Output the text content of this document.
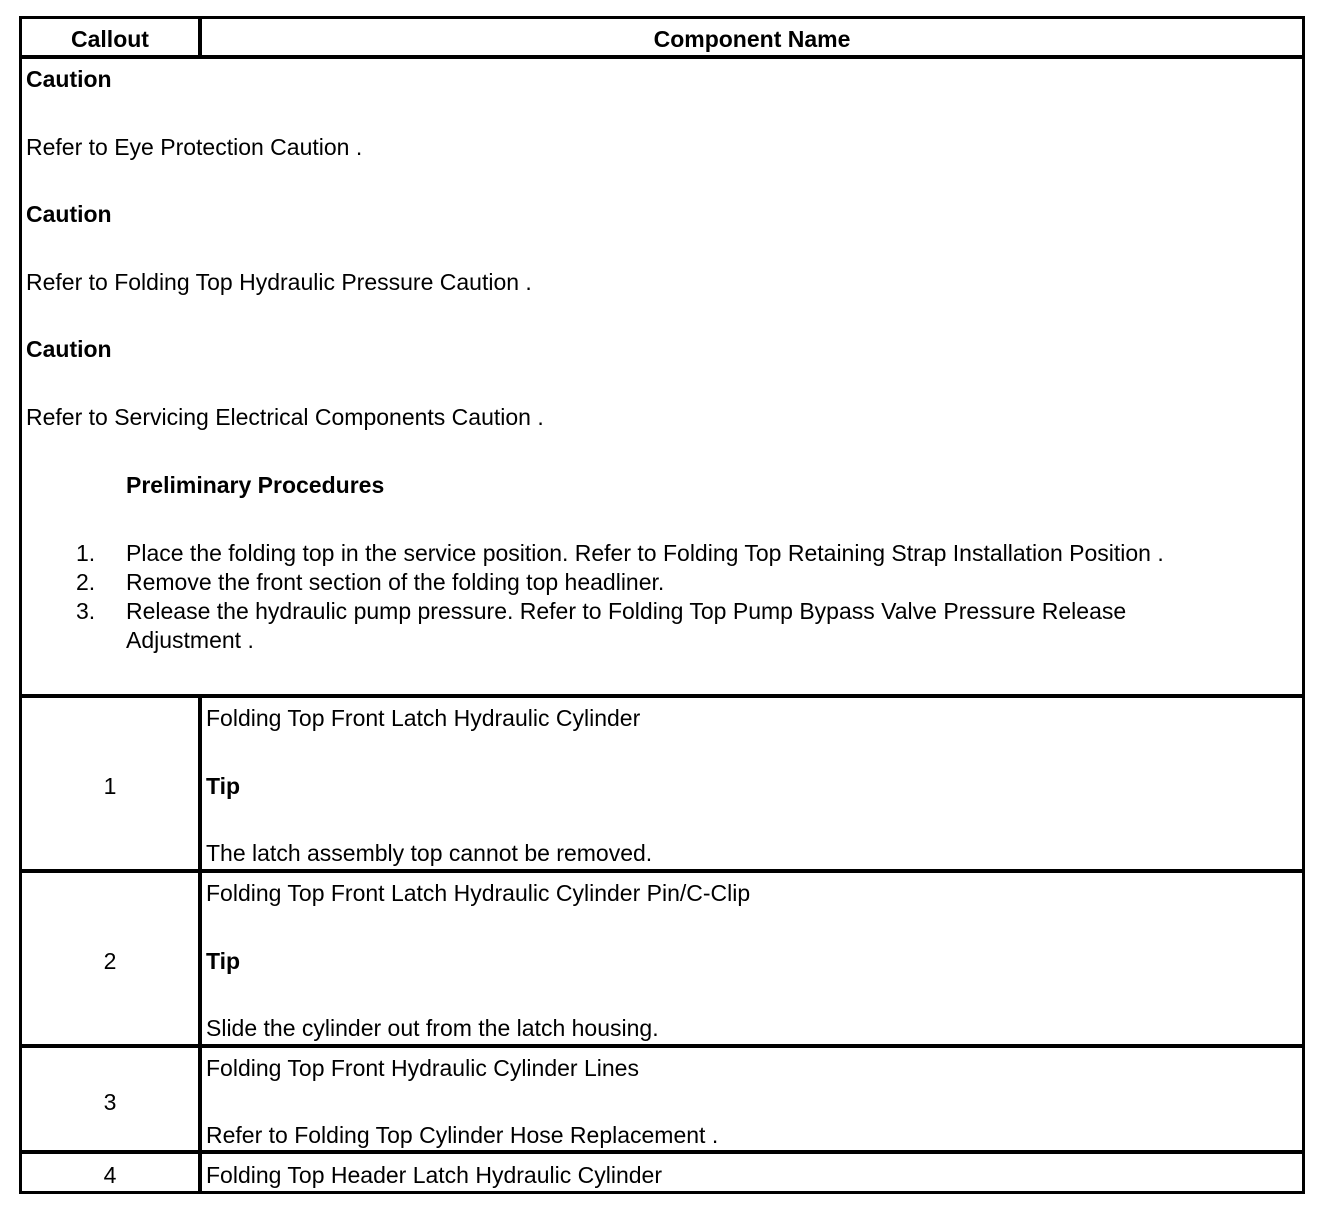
Callout	Component Name
Caution
Refer to Eye Protection Caution .
Caution
Refer to Folding Top Hydraulic Pressure Caution .
Caution
Refer to Servicing Electrical Components Caution .
Preliminary Procedures
1. Place the folding top in the service position. Refer to Folding Top Retaining Strap Installation Position .
2. Remove the front section of the folding top headliner.
3. Release the hydraulic pump pressure. Refer to Folding Top Pump Bypass Valve Pressure Release
Adjustment .
1
Folding Top Front Latch Hydraulic Cylinder
Tip
The latch assembly top cannot be removed.
2
Folding Top Front Latch Hydraulic Cylinder Pin/C-Clip
Tip
Slide the cylinder out from the latch housing.
3
Folding Top Front Hydraulic Cylinder Lines
Refer to Folding Top Cylinder Hose Replacement .
4	Folding Top Header Latch Hydraulic Cylinder
